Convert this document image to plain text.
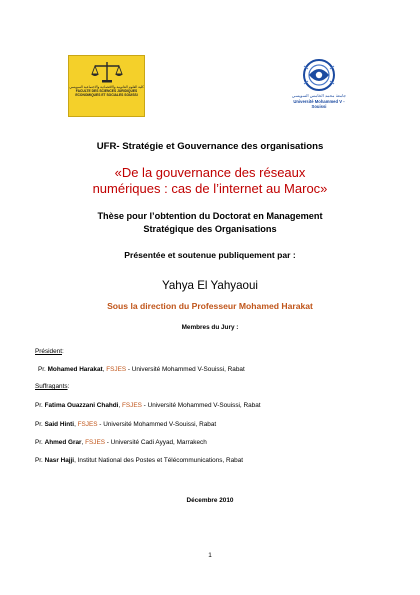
كلية العلوم القانونية والاقتصادية والاجتماعية السويسي
FACULTE DES SCIENCES JURIDIQUES ECONOMIQUES ET SOCIALES SOUISSI	جامعة محمد الخامس السويسي
Université Mohammed V - Souissi
UFR- Stratégie et Gouvernance des organisations
«De la gouvernance des réseaux
numériques : cas de l’internet au Maroc»
Thèse pour l’obtention du Doctorat en Management
Stratégique des Organisations
Présentée et soutenue publiquement par :
Yahya El Yahyaoui
Sous la direction du Professeur Mohamed Harakat
Membres du Jury :
Président:
Pr. Mohamed Harakat, FSJES - Université Mohammed V-Souissi, Rabat
Suffragants:
Pr. Fatima Ouazzani Chahdi, FSJES - Université Mohammed V-Souissi, Rabat
Pr. Said Hinti, FSJES - Université Mohammed V-Souissi, Rabat
Pr. Ahmed Grar, FSJES - Université Cadi Ayyad, Marrakech
Pr. Nasr Hajji, Institut National des Postes et Télécommunications, Rabat
Décembre 2010
1
